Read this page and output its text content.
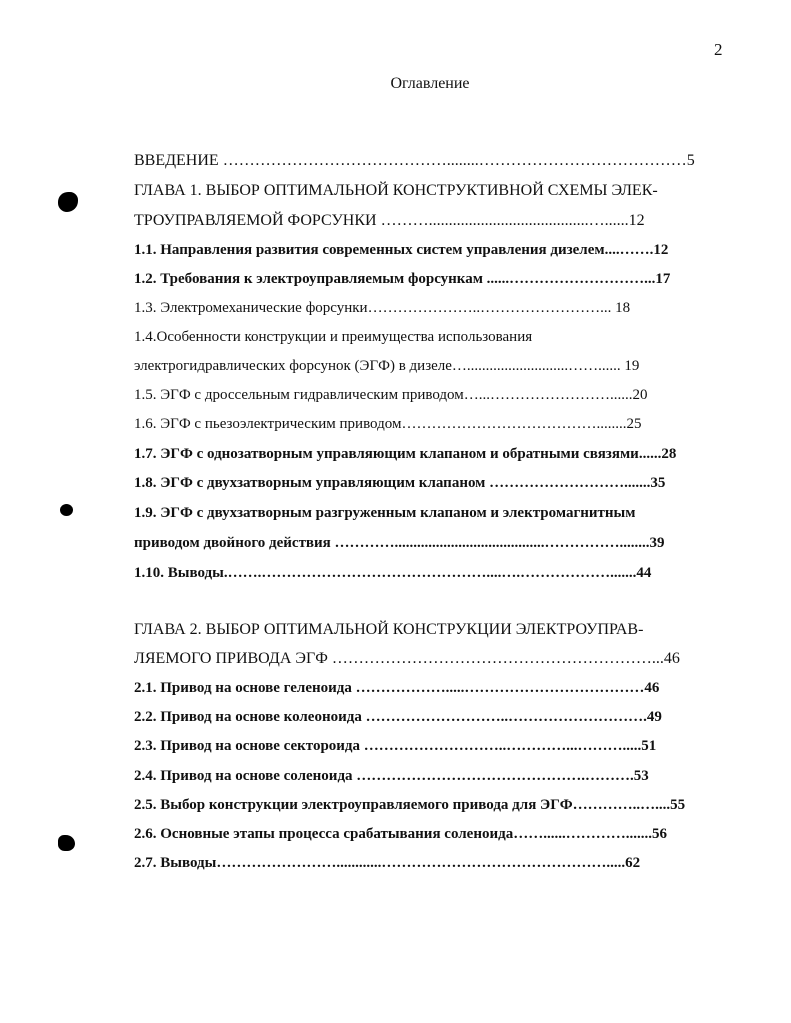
2
Оглавление
ВВЕДЕНИЕ ……………………………………........…………………………………5
ГЛАВА 1. ВЫБОР ОПТИМАЛЬНОЙ КОНСТРУКТИВНОЙ СХЕМЫ ЭЛЕК-
ТРОУПРАВЛЯЕМОЙ ФОРСУНКИ ………........................................…......12
1.1. Направления развития современных систем управления дизелем....…….12
1.2. Требования к электроуправляемым форсункам ......………………………...17
1.3. Электромеханические форсунки…………………..……………………... 18
1.4.Особенности конструкции и преимущества использования
электрогидравлических форсунок (ЭГФ) в дизеле…...........................……...... 19
1.5. ЭГФ с дроссельным гидравлическим приводом…...……………………......20
1.6. ЭГФ с пьезоэлектрическим приводом…………………………………........25
1.7. ЭГФ с однозатворным управляющим клапаном и обратными связями......28
1.8. ЭГФ с двухзатворным управляющим клапаном ……………………….......35
1.9. ЭГФ с двухзатворным разгруженным клапаном и электромагнитным
приводом двойного действия …………........................................……………........39
1.10. Выводы.…….………………………………………....….……………….......44
ГЛАВА 2. ВЫБОР ОПТИМАЛЬНОЙ КОНСТРУКЦИИ ЭЛЕКТРОУПРАВ-
ЛЯЕМОГО ПРИВОДА ЭГФ ……………………………………………………...46
2.1. Привод на основе геленоида ……………….....………………………………46
2.2. Привод на основе колеоноида ………………………..……………………….49
2.3. Привод на основе сектороида ………………………..…………...……….....51
2.4. Привод на основе соленоида ……………………………………….……….53
2.5. Выбор конструкции электроуправляемого привода для ЭГФ…………..…....55
2.6. Основные этапы процесса срабатывания соленоида……......………….......56
2.7. Выводы……………………............……………………………………….....62
